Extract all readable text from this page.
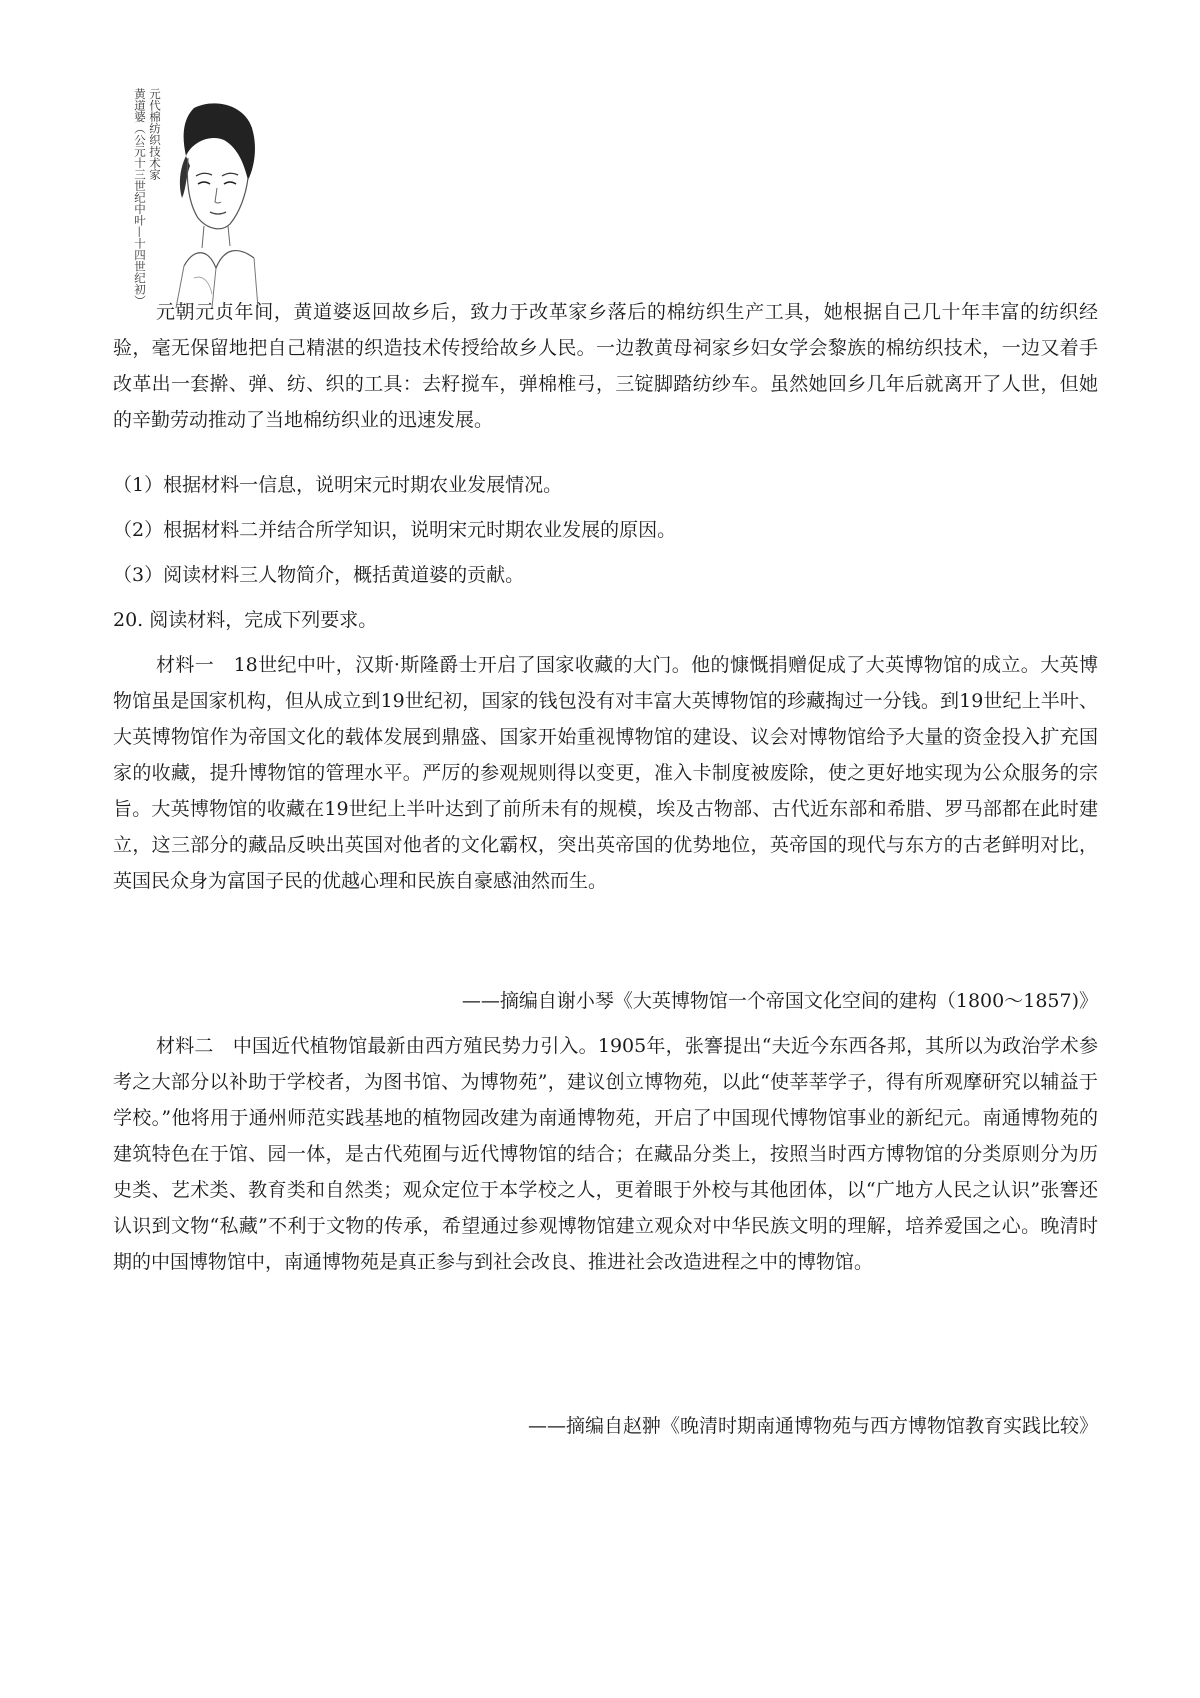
黄道婆（公元十三世纪中叶—十四世纪初） 元代棉纺织技术家

元朝元贞年间，黄道婆返回故乡后，致力于改革家乡落后的棉纺织生产工具，她根据自己几十年丰富的纺织经验，毫无保留地把自己精湛的织造技术传授给故乡人民。一边教黄母祠家乡妇女学会黎族的棉纺织技术，一边又着手改革出一套擀、弹、纺、织的工具：去籽搅车，弹棉椎弓，三锭脚踏纺纱车。虽然她回乡几年后就离开了人世，但她的辛勤劳动推动了当地棉纺织业的迅速发展。

（1）根据材料一信息，说明宋元时期农业发展情况。

（2）根据材料二并结合所学知识，说明宋元时期农业发展的原因。

（3）阅读材料三人物简介，概括黄道婆的贡献。

20. 阅读材料，完成下列要求。

材料一　18世纪中叶，汉斯·斯隆爵士开启了国家收藏的大门。他的慷慨捐赠促成了大英博物馆的成立。大英博物馆虽是国家机构，但从成立到19世纪初，国家的钱包没有对丰富大英博物馆的珍藏掏过一分钱。到19世纪上半叶、大英博物馆作为帝国文化的载体发展到鼎盛、国家开始重视博物馆的建设、议会对博物馆给予大量的资金投入扩充国家的收藏，提升博物馆的管理水平。严厉的参观规则得以变更，准入卡制度被废除，使之更好地实现为公众服务的宗旨。大英博物馆的收藏在19世纪上半叶达到了前所未有的规模，埃及古物部、古代近东部和希腊、罗马部都在此时建立，这三部分的藏品反映出英国对他者的文化霸权，突出英帝国的优势地位，英帝国的现代与东方的古老鲜明对比，英国民众身为富国子民的优越心理和民族自豪感油然而生。

——摘编自谢小琴《大英博物馆一个帝国文化空间的建构（1800～1857)》

材料二　中国近代植物馆最新由西方殖民势力引入。1905年，张謇提出“夫近今东西各邦，其所以为政治学术参考之大部分以补助于学校者，为图书馆、为博物苑”，建议创立博物苑，以此“使莘莘学子，得有所观摩研究以辅益于学校。”他将用于通州师范实践基地的植物园改建为南通博物苑，开启了中国现代博物馆事业的新纪元。南通博物苑的建筑特色在于馆、园一体，是古代苑囿与近代博物馆的结合；在藏品分类上，按照当时西方博物馆的分类原则分为历史类、艺术类、教育类和自然类；观众定位于本学校之人，更着眼于外校与其他团体，以“广地方人民之认识”张謇还认识到文物“私藏”不利于文物的传承，希望通过参观博物馆建立观众对中华民族文明的理解，培养爱国之心。晚清时期的中国博物馆中，南通博物苑是真正参与到社会改良、推进社会改造进程之中的博物馆。

——摘编自赵翀《晚清时期南通博物苑与西方博物馆教育实践比较》
